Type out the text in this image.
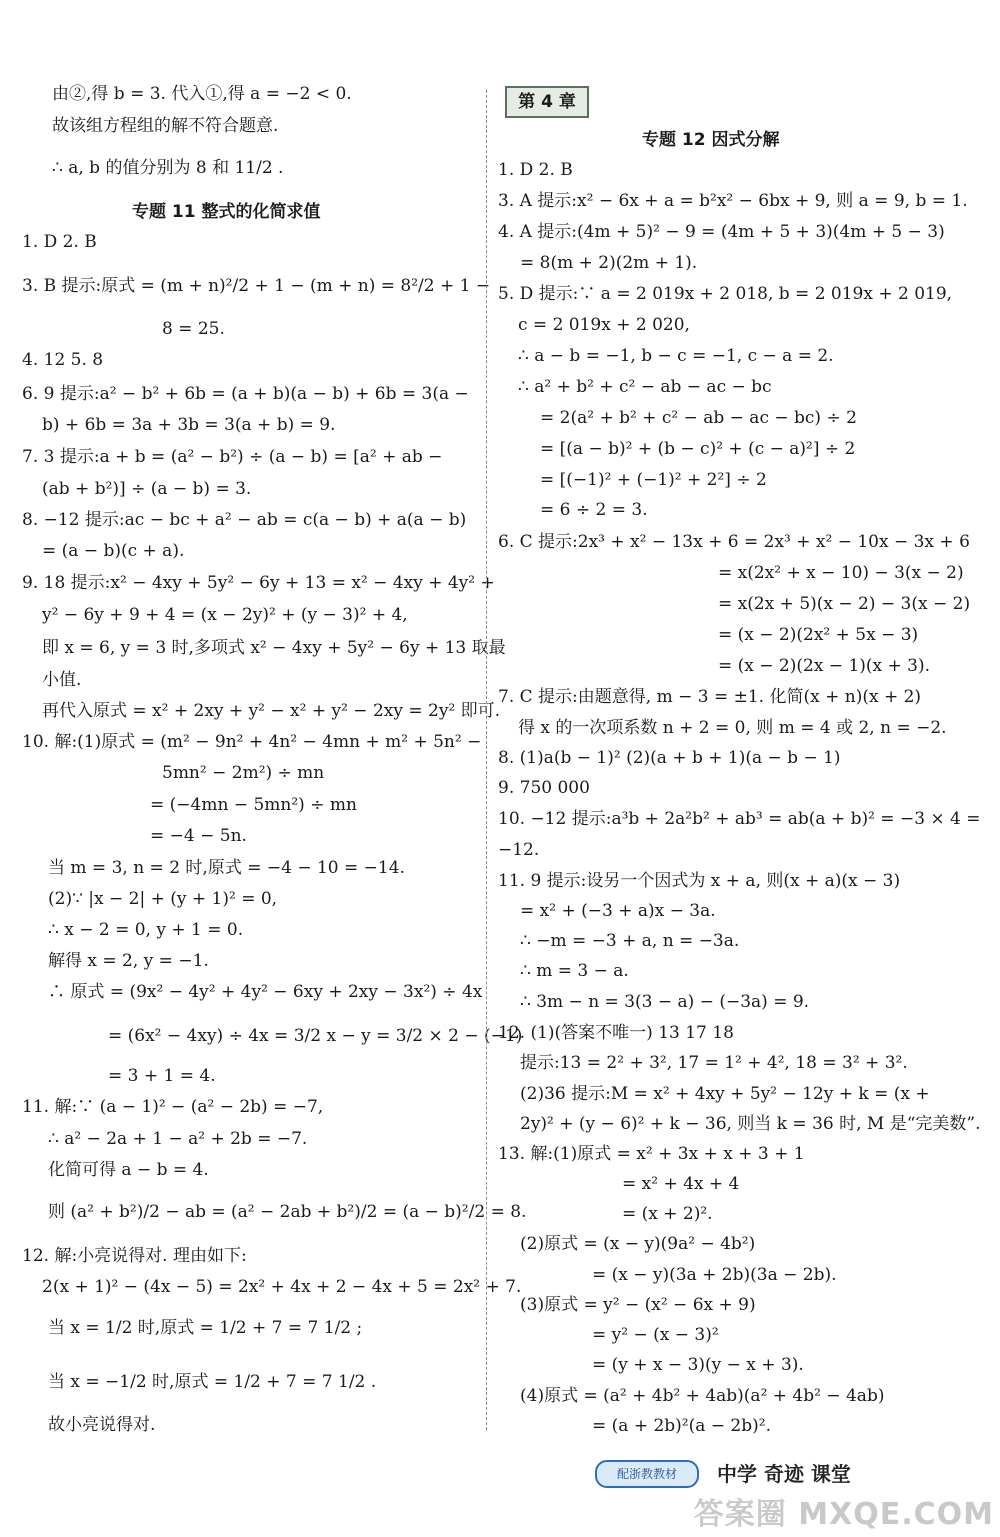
由②,得 b = 3. 代入①,得 a = −2 < 0.
故该组方程组的解不符合题意.
∴ a, b 的值分别为 8 和 11/2 .
专题 11 整式的化简求值
1. D 2. B
3. B 提示:原式 = (m + n)²/2 + 1 − (m + n) = 8²/2 + 1 −
8 = 25.
4. 12 5. 8
6. 9 提示:a² − b² + 6b = (a + b)(a − b) + 6b = 3(a −
b) + 6b = 3a + 3b = 3(a + b) = 9.
7. 3 提示:a + b = (a² − b²) ÷ (a − b) = [a² + ab −
(ab + b²)] ÷ (a − b) = 3.
8. −12 提示:ac − bc + a² − ab = c(a − b) + a(a − b)
= (a − b)(c + a).
9. 18 提示:x² − 4xy + 5y² − 6y + 13 = x² − 4xy + 4y² +
y² − 6y + 9 + 4 = (x − 2y)² + (y − 3)² + 4,
即 x = 6, y = 3 时,多项式 x² − 4xy + 5y² − 6y + 13 取最
小值.
再代入原式 = x² + 2xy + y² − x² + y² − 2xy = 2y² 即可.
10. 解:(1)原式 = (m² − 9n² + 4n² − 4mn + m² + 5n² −
5mn² − 2m²) ÷ mn
= (−4mn − 5mn²) ÷ mn
= −4 − 5n.
当 m = 3, n = 2 时,原式 = −4 − 10 = −14.
(2)∵ |x − 2| + (y + 1)² = 0,
∴ x − 2 = 0, y + 1 = 0.
解得 x = 2, y = −1.
∴ 原式 = (9x² − 4y² + 4y² − 6xy + 2xy − 3x²) ÷ 4x
= (6x² − 4xy) ÷ 4x = 3/2 x − y = 3/2 × 2 − (−1)
= 3 + 1 = 4.
11. 解:∵ (a − 1)² − (a² − 2b) = −7,
∴ a² − 2a + 1 − a² + 2b = −7.
化简可得 a − b = 4.
则 (a² + b²)/2 − ab = (a² − 2ab + b²)/2 = (a − b)²/2 = 8.
12. 解:小亮说得对. 理由如下:
2(x + 1)² − (4x − 5) = 2x² + 4x + 2 − 4x + 5 = 2x² + 7.
当 x = 1/2 时,原式 = 1/2 + 7 = 7 1/2 ;
当 x = −1/2 时,原式 = 1/2 + 7 = 7 1/2 .
故小亮说得对.
第 4 章
专题 12 因式分解
1. D 2. B
3. A 提示:x² − 6x + a = b²x² − 6bx + 9, 则 a = 9, b = 1.
4. A 提示:(4m + 5)² − 9 = (4m + 5 + 3)(4m + 5 − 3)
= 8(m + 2)(2m + 1).
5. D 提示:∵ a = 2 019x + 2 018, b = 2 019x + 2 019,
c = 2 019x + 2 020,
∴ a − b = −1, b − c = −1, c − a = 2.
∴ a² + b² + c² − ab − ac − bc
= 2(a² + b² + c² − ab − ac − bc) ÷ 2
= [(a − b)² + (b − c)² + (c − a)²] ÷ 2
= [(−1)² + (−1)² + 2²] ÷ 2
= 6 ÷ 2 = 3.
6. C 提示:2x³ + x² − 13x + 6 = 2x³ + x² − 10x − 3x + 6
= x(2x² + x − 10) − 3(x − 2)
= x(2x + 5)(x − 2) − 3(x − 2)
= (x − 2)(2x² + 5x − 3)
= (x − 2)(2x − 1)(x + 3).
7. C 提示:由题意得, m − 3 = ±1. 化简(x + n)(x + 2)
得 x 的一次项系数 n + 2 = 0, 则 m = 4 或 2, n = −2.
8. (1)a(b − 1)² (2)(a + b + 1)(a − b − 1)
9. 750 000
10. −12 提示:a³b + 2a²b² + ab³ = ab(a + b)² = −3 × 4 =
−12.
11. 9 提示:设另一个因式为 x + a, 则(x + a)(x − 3)
= x² + (−3 + a)x − 3a.
∴ −m = −3 + a, n = −3a.
∴ m = 3 − a.
∴ 3m − n = 3(3 − a) − (−3a) = 9.
12. (1)(答案不唯一) 13 17 18
提示:13 = 2² + 3², 17 = 1² + 4², 18 = 3² + 3².
(2)36 提示:M = x² + 4xy + 5y² − 12y + k = (x +
2y)² + (y − 6)² + k − 36, 则当 k = 36 时, M 是“完美数”.
13. 解:(1)原式 = x² + 3x + x + 3 + 1
= x² + 4x + 4
= (x + 2)².
(2)原式 = (x − y)(9a² − 4b²)
= (x − y)(3a + 2b)(3a − 2b).
(3)原式 = y² − (x² − 6x + 9)
= y² − (x − 3)²
= (y + x − 3)(y − x + 3).
(4)原式 = (a² + 4b² + 4ab)(a² + 4b² − 4ab)
= (a + 2b)²(a − 2b)².
配浙教教材	中学 奇迹 课堂
答案圈 MXQE.COM
